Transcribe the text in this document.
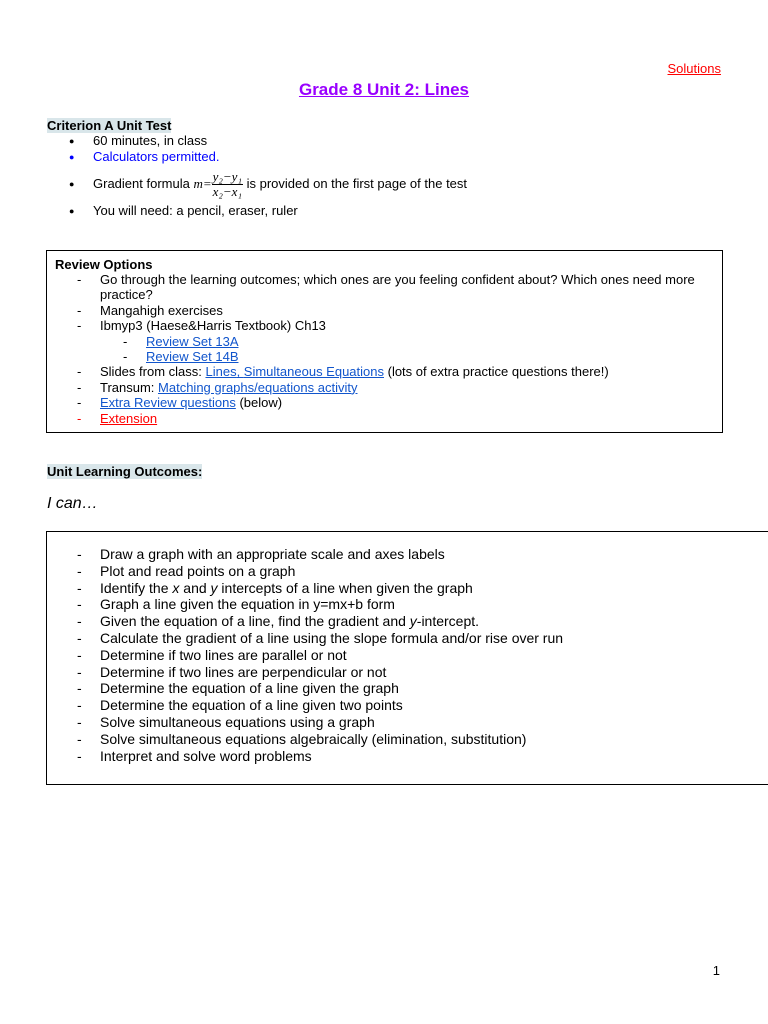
Solutions
Grade 8 Unit 2: Lines
Criterion A Unit Test
● 60 minutes, in class
● Calculators permitted.
● Gradient formula $m= \frac{\text{y₂−y₁}}{\text{x₂−x₁}}$ is provided on the first page of the test
● You will need: a pencil, eraser, ruler
Review Options
- Go through the learning outcomes; which ones are you feeling confident about? Which ones need more practice?
- Mangahigh exercises
- Ibmyp3 (Haese&Harris Textbook) Ch13
- Review Set 13A
- Review Set 14B
- Slides from class: Lines, Simultaneous Equations (lots of extra practice questions there!)
- Transum: Matching graphs/equations activity
- Extra Review questions (below)
- Extension
Unit Learning Outcomes:
I can…
- Draw a graph with an appropriate scale and axes labels
- Plot and read points on a graph
- Identify the x and y intercepts of a line when given the graph
- Graph a line given the equation in y=mx+b form
- Given the equation of a line, find the gradient and y-intercept.
- Calculate the gradient of a line using the slope formula and/or rise over run
- Determine if two lines are parallel or not
- Determine if two lines are perpendicular or not
- Determine the equation of a line given the graph
- Determine the equation of a line given two points
- Solve simultaneous equations using a graph
- Solve simultaneous equations algebraically (elimination, substitution)
- Interpret and solve word problems
1
